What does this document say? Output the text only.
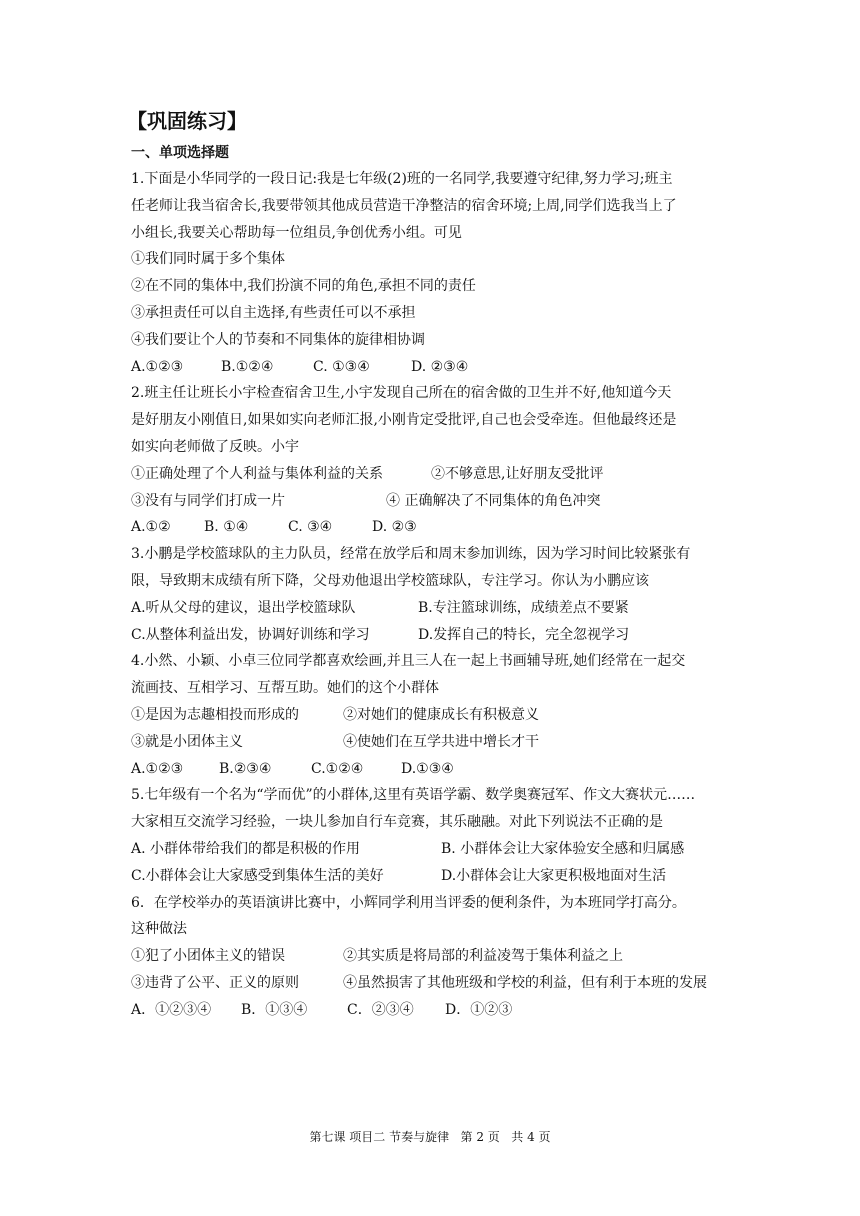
【巩固练习】
一、单项选择题
1.下面是小华同学的一段日记:我是七年级(2)班的一名同学,我要遵守纪律,努力学习;班主
任老师让我当宿舍长,我要带领其他成员营造干净整洁的宿舍环境;上周,同学们选我当上了
小组长,我要关心帮助每一位组员,争创优秀小组。可见
①我们同时属于多个集体
②在不同的集体中,我们扮演不同的角色,承担不同的责任
③承担责任可以自主选择,有些责任可以不承担
④我们要让个人的节奏和不同集体的旋律相协调
A.①②③	B.①②④	C. ①③④	D. ②③④
2.班主任让班长小宇检查宿舍卫生,小宇发现自己所在的宿舍做的卫生并不好,他知道今天
是好朋友小刚值日,如果如实向老师汇报,小刚肯定受批评,自己也会受牵连。但他最终还是
如实向老师做了反映。小宇
①正确处理了个人利益与集体利益的关系	②不够意思,让好朋友受批评
③没有与同学们打成一片	④ 正确解决了不同集体的角色冲突
A.①②	B. ①④	C. ③④	D. ②③
3.小鹏是学校篮球队的主力队员，经常在放学后和周末参加训练，因为学习时间比较紧张有
限，导致期末成绩有所下降，父母劝他退出学校篮球队，专注学习。你认为小鹏应该
A.听从父母的建议，退出学校篮球队	B.专注篮球训练，成绩差点不要紧
C.从整体利益出发，协调好训练和学习	D.发挥自己的特长，完全忽视学习
4.小然、小颖、小卓三位同学都喜欢绘画,并且三人在一起上书画辅导班,她们经常在一起交
流画技、互相学习、互帮互助。她们的这个小群体
①是因为志趣相投而形成的	②对她们的健康成长有积极意义
③就是小团体主义	④使她们在互学共进中增长才干
A.①②③	B.②③④	C.①②④	D.①③④
5.七年级有一个名为“学而优”的小群体,这里有英语学霸、数学奥赛冠军、作文大赛状元……
大家相互交流学习经验，一块儿参加自行车竞赛，其乐融融。对此下列说法不正确的是
A. 小群体带给我们的都是积极的作用	B. 小群体会让大家体验安全感和归属感
C.小群体会让大家感受到集体生活的美好	D.小群体会让大家更积极地面对生活
6．在学校举办的英语演讲比赛中，小辉同学利用当评委的便利条件，为本班同学打高分。
这种做法
①犯了小团体主义的错误	②其实质是将局部的利益凌驾于集体利益之上
③违背了公平、正义的原则	④虽然损害了其他班级和学校的利益，但有利于本班的发展
A．①②③④	B．①③④	C．②③④	D．①②③
第七课 项目二 节奏与旋律   第 2 页   共 4 页
